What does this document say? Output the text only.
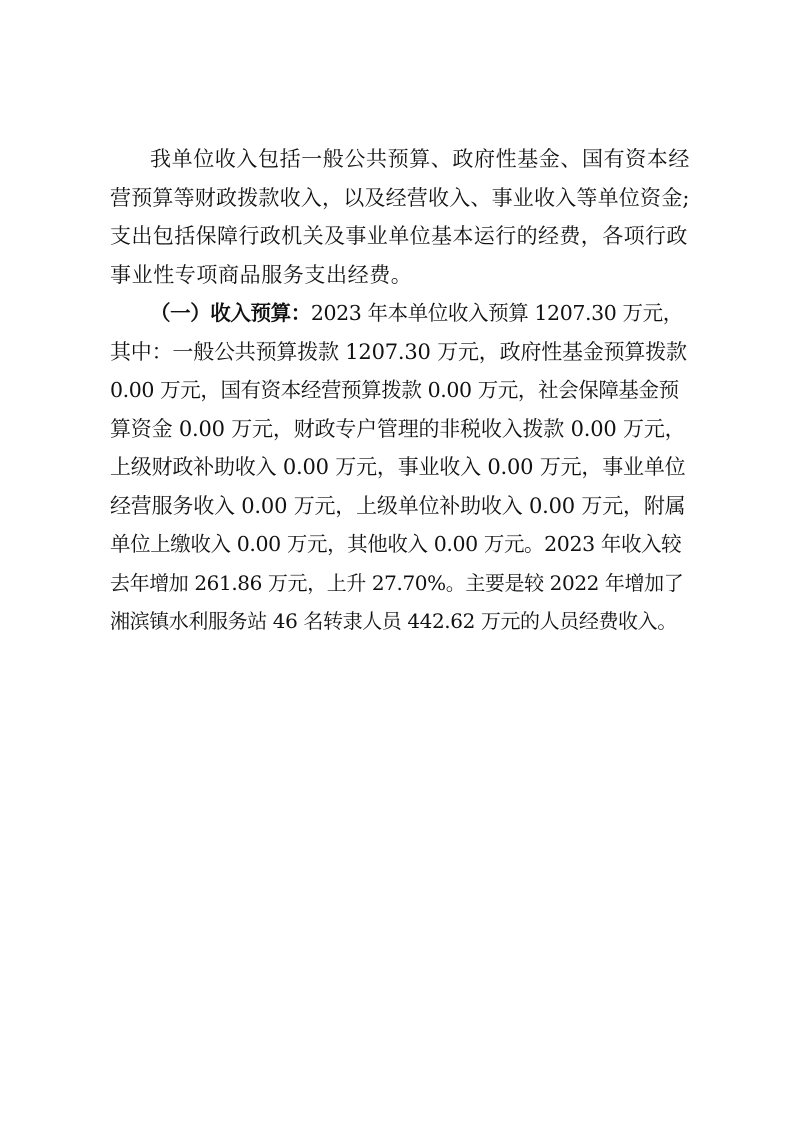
我单位收入包括一般公共预算、政府性基金、国有资本经
营预算等财政拨款收入，以及经营收入、事业收入等单位资金;
支出包括保障行政机关及事业单位基本运行的经费，各项行政
事业性专项商品服务支出经费。

（一）收入预算：2023 年本单位收入预算 1207.30 万元，
其中：一般公共预算拨款 1207.30 万元，政府性基金预算拨款
0.00 万元，国有资本经营预算拨款 0.00 万元，社会保障基金预
算资金 0.00 万元，财政专户管理的非税收入拨款 0.00 万元，
上级财政补助收入 0.00 万元，事业收入 0.00 万元，事业单位
经营服务收入 0.00 万元，上级单位补助收入 0.00 万元，附属
单位上缴收入 0.00 万元，其他收入 0.00 万元。2023 年收入较
去年增加 261.86 万元，上升 27.70%。主要是较 2022 年增加了
湘滨镇水利服务站 46 名转隶人员 442.62 万元的人员经费收入。
